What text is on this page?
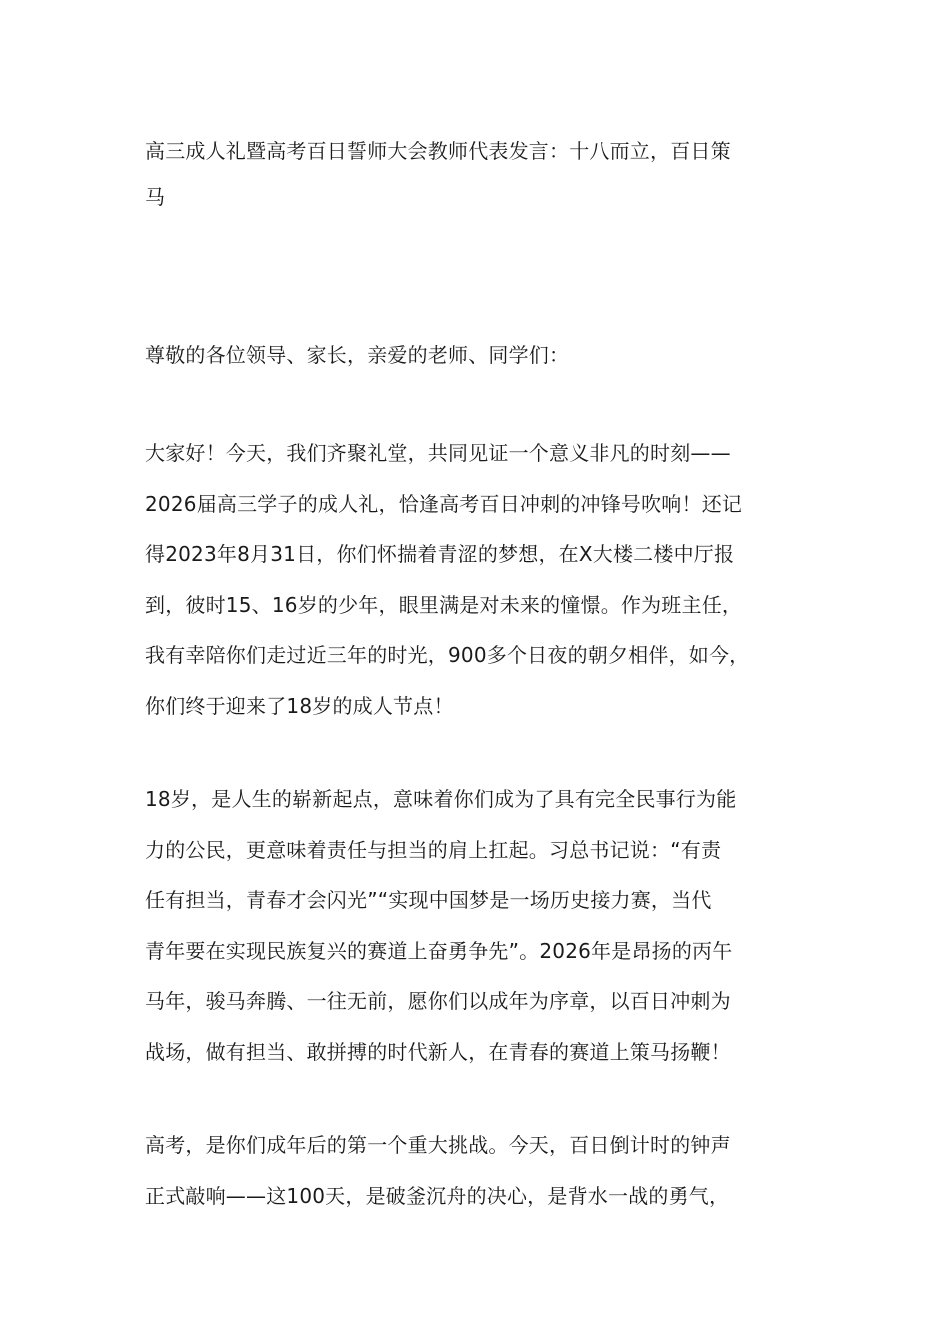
高三成人礼暨高考百日誓师大会教师代表发言：十八而立，百日策
马
尊敬的各位领导、家长，亲爱的老师、同学们：
大家好！今天，我们齐聚礼堂，共同见证一个意义非凡的时刻——
2026届高三学子的成人礼，恰逢高考百日冲刺的冲锋号吹响！还记
得2023年8月31日，你们怀揣着青涩的梦想，在X大楼二楼中厅报
到，彼时15、16岁的少年，眼里满是对未来的憧憬。作为班主任，
我有幸陪你们走过近三年的时光，900多个日夜的朝夕相伴，如今，
你们终于迎来了18岁的成人节点！
18岁，是人生的崭新起点，意味着你们成为了具有完全民事行为能
力的公民，更意味着责任与担当的肩上扛起。习总书记说：“有责
任有担当，青春才会闪光”“实现中国梦是一场历史接力赛，当代
青年要在实现民族复兴的赛道上奋勇争先”。2026年是昂扬的丙午
马年，骏马奔腾、一往无前，愿你们以成年为序章，以百日冲刺为
战场，做有担当、敢拼搏的时代新人，在青春的赛道上策马扬鞭！
高考，是你们成年后的第一个重大挑战。今天，百日倒计时的钟声
正式敲响——这100天，是破釜沉舟的决心，是背水一战的勇气，
